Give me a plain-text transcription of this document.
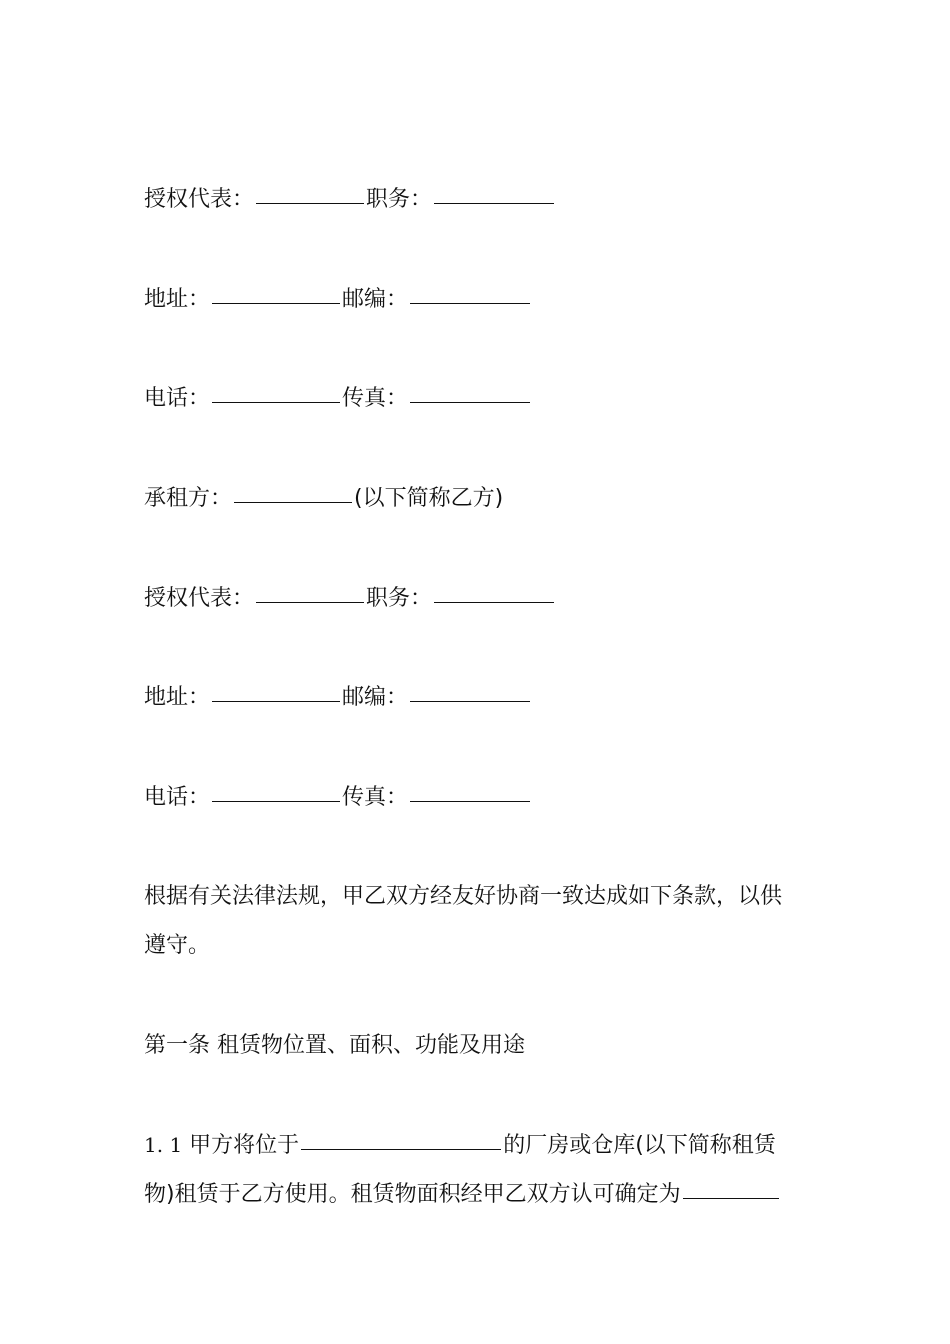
授权代表：	职务：
地址：	邮编：
电话：	传真：
承租方：	(以下简称乙方)
授权代表：	职务：
地址：	邮编：
电话：	传真：
根据有关法律法规，甲乙双方经友好协商一致达成如下条款，以供
遵守。
第一条 租赁物位置、面积、功能及用途
1. 1 甲方将位于	的厂房或仓库(以下简称租赁
物)租赁于乙方使用。租赁物面积经甲乙双方认可确定为
